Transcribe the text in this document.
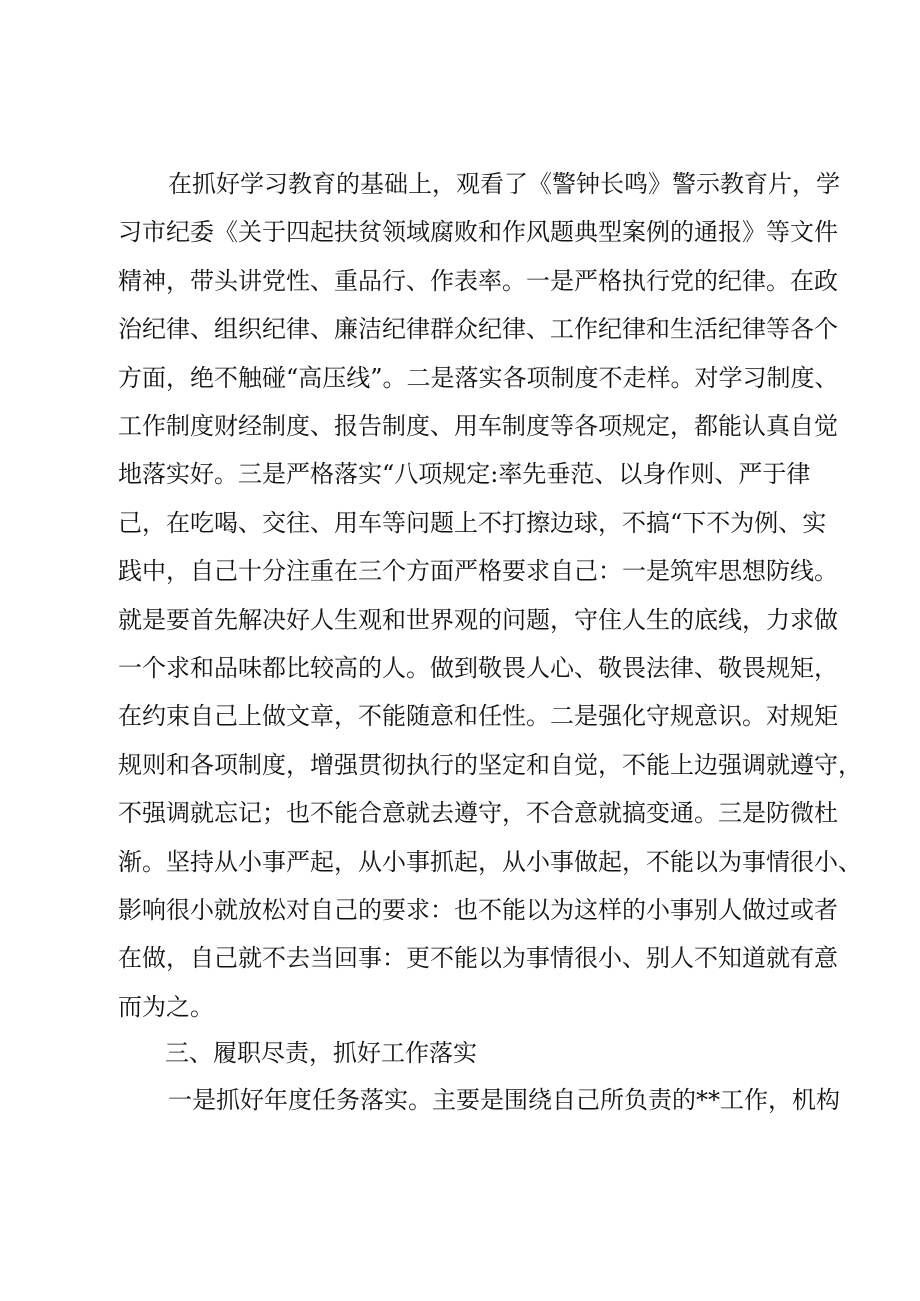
在抓好学习教育的基础上，观看了《警钟长鸣》警示教育片，学
习市纪委《关于四起扶贫领域腐败和作风题典型案例的通报》等文件
精神，带头讲党性、重品行、作表率。一是严格执行党的纪律。在政
治纪律、组织纪律、廉洁纪律群众纪律、工作纪律和生活纪律等各个
方面，绝不触碰“高压线”。二是落实各项制度不走样。对学习制度、
工作制度财经制度、报告制度、用车制度等各项规定，都能认真自觉
地落实好。三是严格落实“八项规定:率先垂范、以身作则、严于律
己，在吃喝、交往、用车等问题上不打擦边球，不搞“下不为例、实
践中，自己十分注重在三个方面严格要求自己：一是筑牢思想防线。
就是要首先解决好人生观和世界观的问题，守住人生的底线，力求做
一个求和品味都比较高的人。做到敬畏人心、敬畏法律、敬畏规矩，
在约束自己上做文章，不能随意和任性。二是强化守规意识。对规矩
规则和各项制度，增强贯彻执行的坚定和自觉，不能上边强调就遵守，
不强调就忘记；也不能合意就去遵守，不合意就搞变通。三是防微杜
渐。坚持从小事严起，从小事抓起，从小事做起，不能以为事情很小、
影响很小就放松对自己的要求：也不能以为这样的小事别人做过或者
在做，自己就不去当回事：更不能以为事情很小、别人不知道就有意
而为之。
三、履职尽责，抓好工作落实
一是抓好年度任务落实。主要是围绕自己所负责的**工作，机构
